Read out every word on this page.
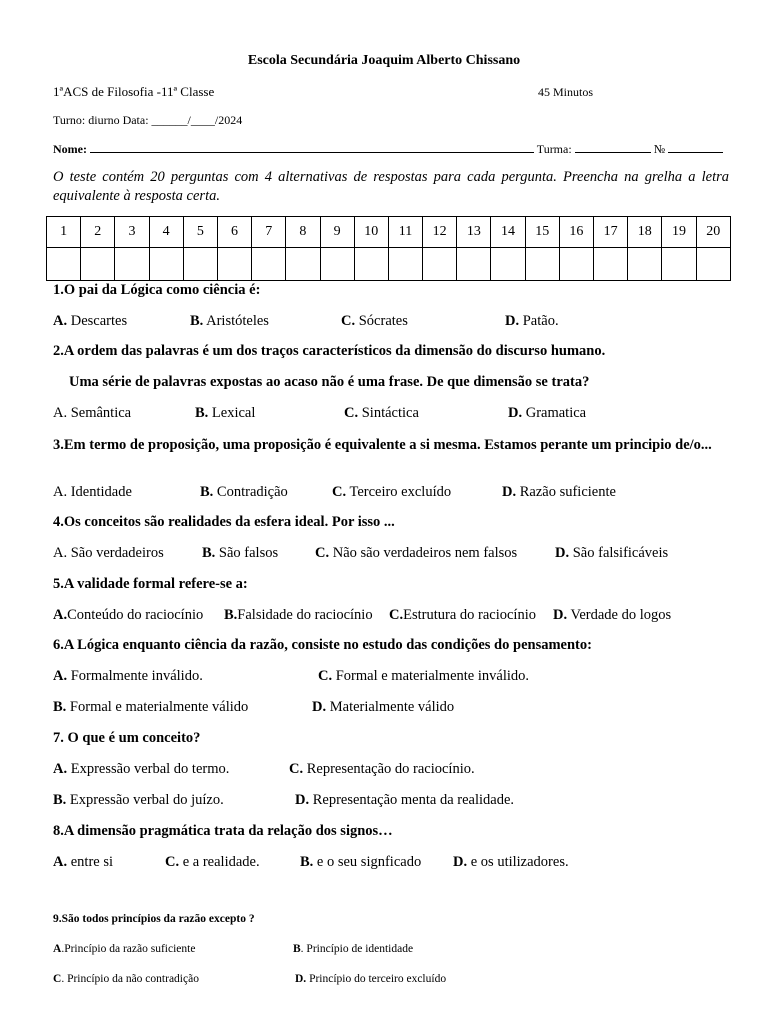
Escola Secundária Joaquim Alberto Chissano
1ªACS de Filosofia -11ª Classe	45 Minutos
Turno: diurno Data: ______/____/2024
Nome:	Turma:	№
O teste contém 20 perguntas com 4 alternativas de respostas para cada pergunta. Preencha na grelha a letra equivalente à resposta certa.
1	2	3	4	5	6	7	8	9	10	11	12	13	14	15	16	17	18	19	20

1.O pai da Lógica como ciência é:
A. Descartes	B. Aristóteles	C. Sócrates	D. Patão.
2.A ordem das palavras é um dos traços característicos da dimensão do discurso humano.
Uma série de palavras expostas ao acaso não é uma frase. De que dimensão se trata?
A. Semântica	B. Lexical	C. Sintáctica	D. Gramatica
3.Em termo de proposição, uma proposição é equivalente a si mesma. Estamos perante um principio de/o...
A. Identidade	B. Contradição	C. Terceiro excluído	D. Razão suficiente
4.Os conceitos são realidades da esfera ideal. Por isso ...
A. São verdadeiros	B. São falsos	C. Não são verdadeiros nem falsos	D. São falsificáveis
5.A validade formal refere-se a:
A.Conteúdo do raciocínio B.Falsidade do raciocínio C.Estrutura do raciocínio D. Verdade do logos
6.A Lógica enquanto ciência da razão, consiste no estudo das condições do pensamento:
A. Formalmente inválido.	C. Formal e materialmente inválido.
B. Formal e materialmente válido	D. Materialmente válido
7. O que é um conceito?
A. Expressão verbal do termo.	C. Representação do raciocínio.
B. Expressão verbal do juízo.	D. Representação menta da realidade.
8.A dimensão pragmática trata da relação dos signos…
A. entre si	C. e a realidade.	B. e o seu signficado D. e os utilizadores.
9.São todos princípios da razão excepto ?
A.Princípio da razão suficiente	B. Princípio de identidade
C. Princípio da não contradição	D. Princípio do terceiro excluído
